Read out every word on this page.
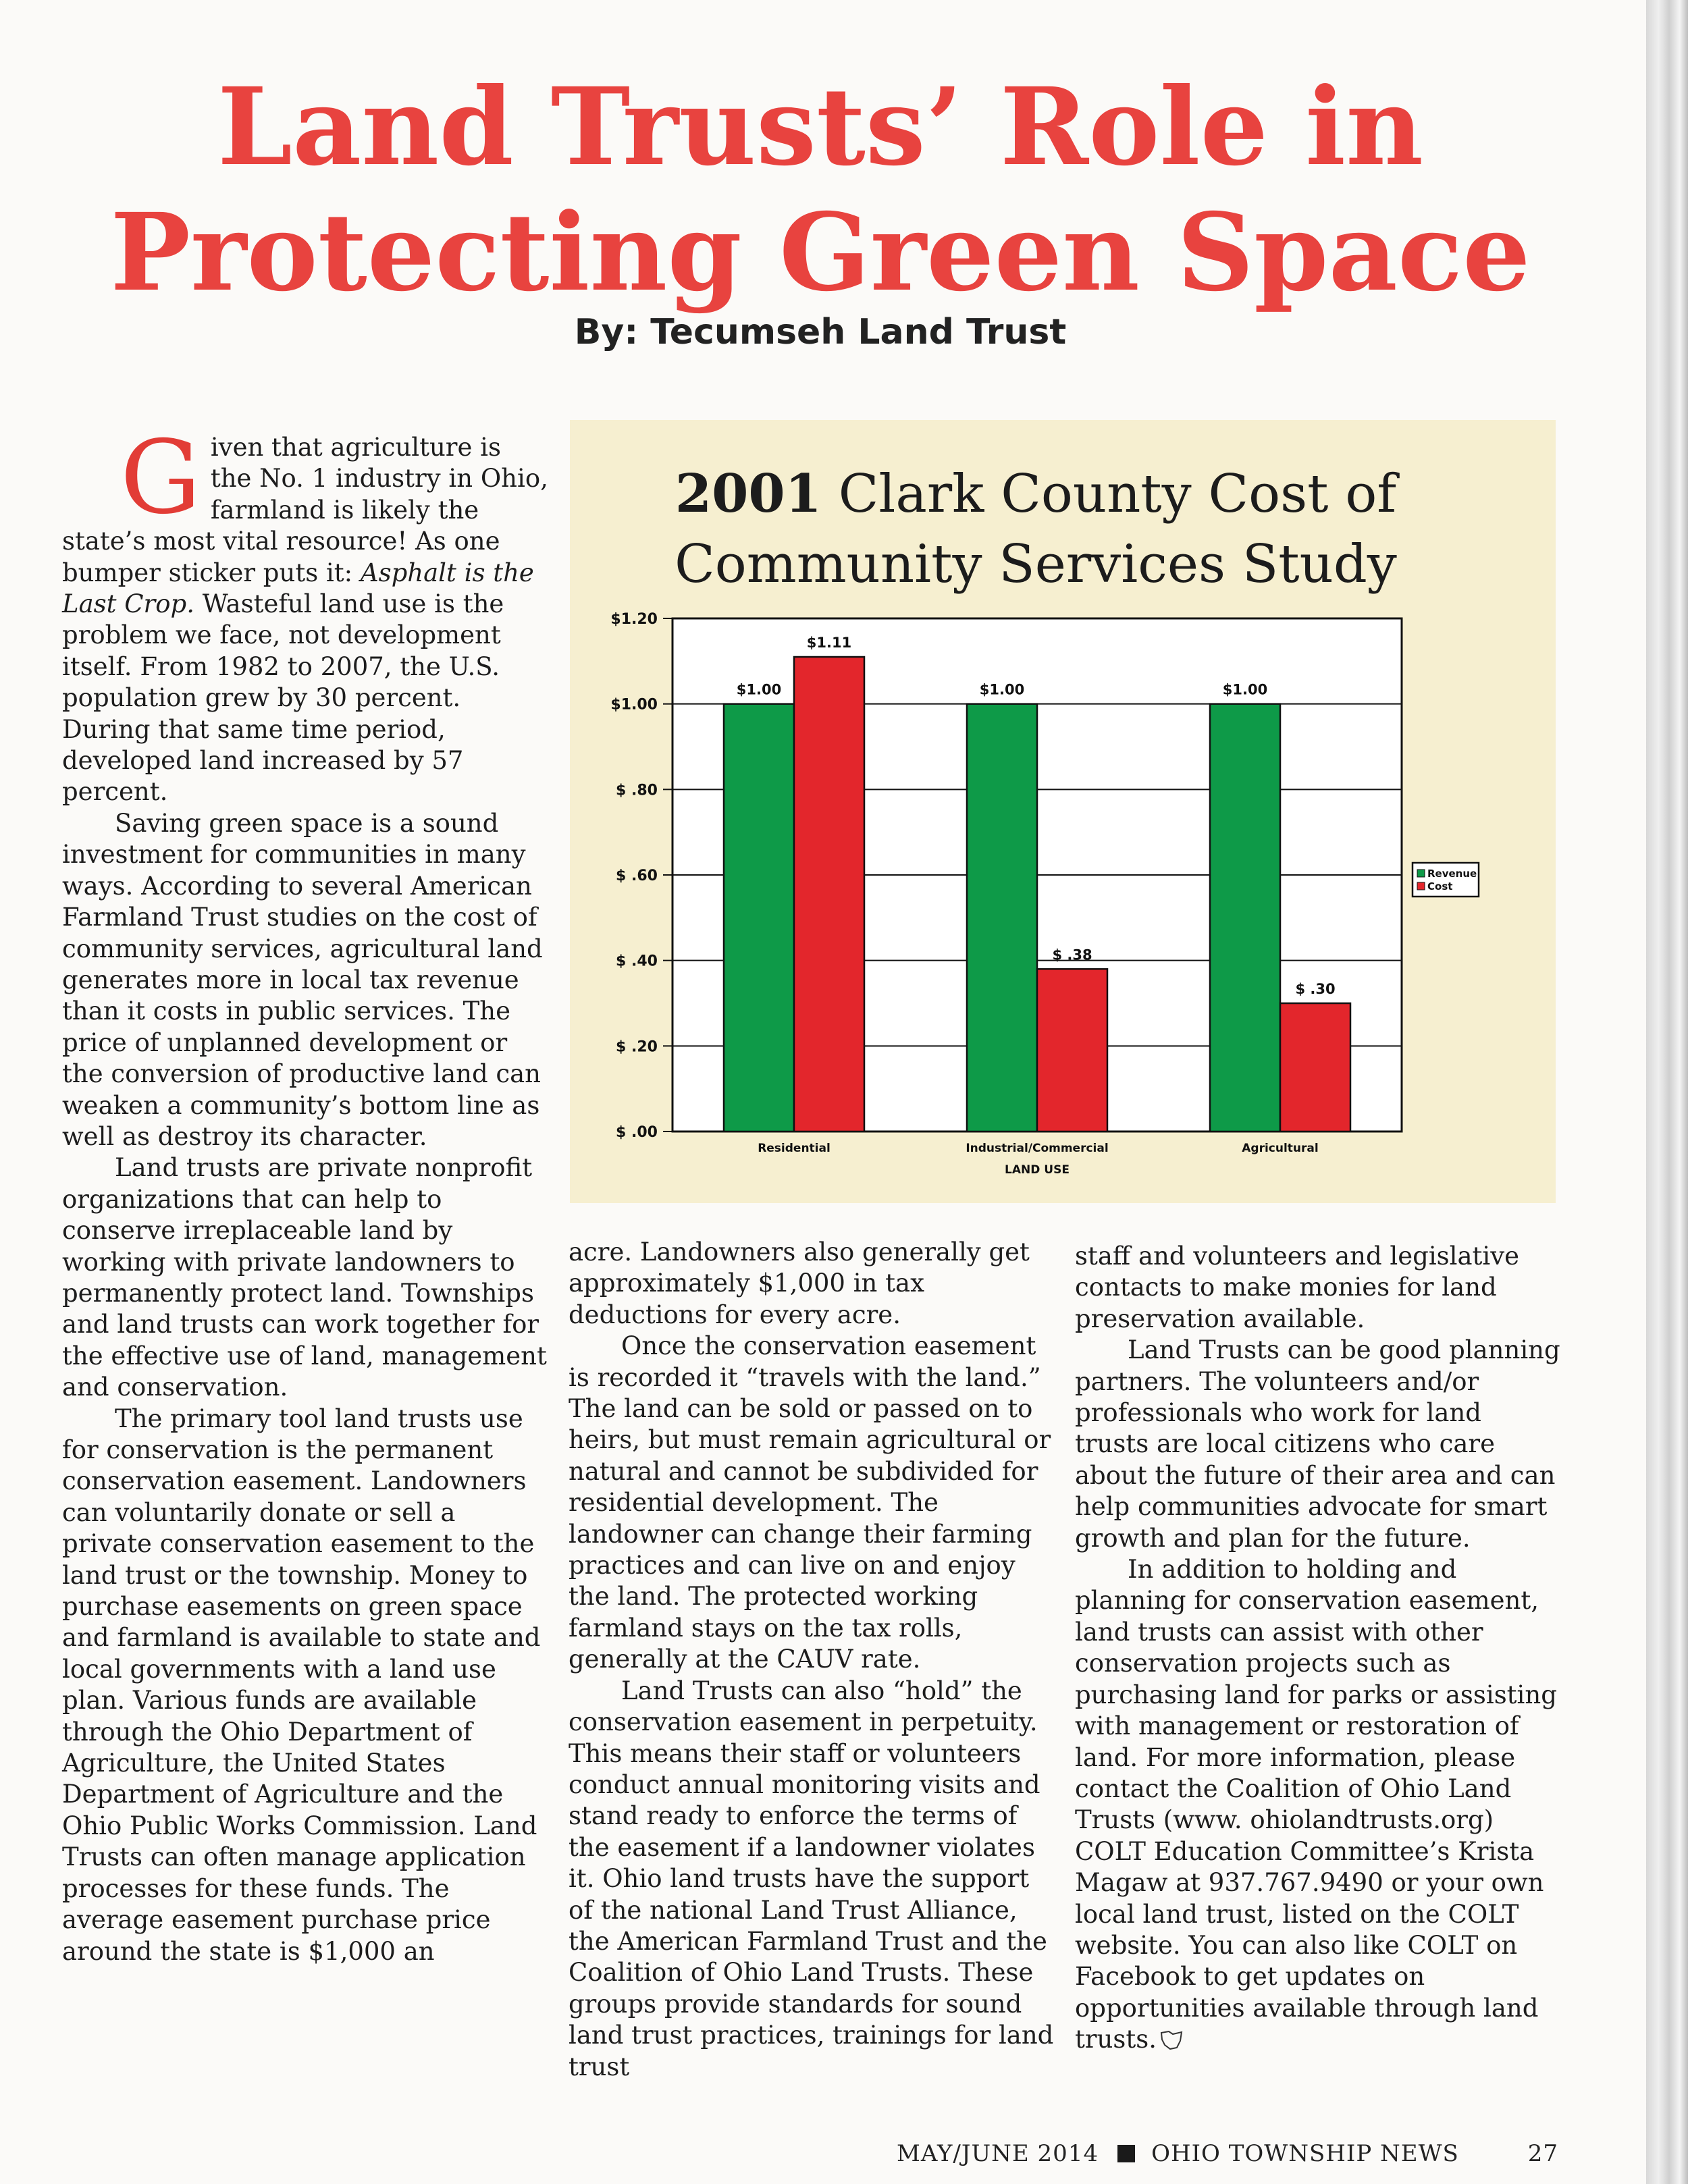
Land Trusts’ Role in
Protecting Green Space
By: Tecumseh Land Trust

Given that agriculture is the No. 1 industry in Ohio, farmland is likely the state’s most vital resource! As one bumper sticker puts it: Asphalt is the Last Crop. Wasteful land use is the problem we face, not development itself. From 1982 to 2007, the U.S. population grew by 30 percent. During that same time period, developed land increased by 57 percent.

Saving green space is a sound investment for communities in many ways. According to several American Farmland Trust studies on the cost of community services, agricultural land generates more in local tax revenue than it costs in public services. The price of unplanned development or the conversion of productive land can weaken a community’s bottom line as well as destroy its character.

Land trusts are private nonprofit organizations that can help to conserve irreplaceable land by working with private landowners to permanently protect land. Townships and land trusts can work together for the effective use of land, management and conservation.

The primary tool land trusts use for conservation is the permanent conservation easement. Landowners can voluntarily donate or sell a private conservation easement to the land trust or the township. Money to purchase easements on green space and farmland is available to state and local governments with a land use plan. Various funds are available through the Ohio Department of Agriculture, the United States Department of Agriculture and the Ohio Public Works Commission. Land Trusts can often manage application processes for these funds. The average easement purchase price around the state is $1,000 an

2001 Clark County Cost of
Community Services Study
$ .00
$ .20
$ .40
$ .60
$ .80
$1.00
$1.20
$1.00
$1.11
Residential
$1.00
$ .38
Industrial/Commercial
$1.00
$ .30
Agricultural
LAND USE
Revenue
Cost

acre. Landowners also generally get approximately $1,000 in tax deductions for every acre.

Once the conservation easement is recorded it “travels with the land.” The land can be sold or passed on to heirs, but must remain agricultural or natural and cannot be subdivided for residential development. The landowner can change their farming practices and can live on and enjoy the land. The protected working farmland stays on the tax rolls, generally at the CAUV rate.

Land Trusts can also “hold” the conservation easement in perpetuity. This means their staff or volunteers conduct annual monitoring visits and stand ready to enforce the terms of the easement if a landowner violates it. Ohio land trusts have the support of the national Land Trust Alliance, the American Farmland Trust and the Coalition of Ohio Land Trusts. These groups provide standards for sound land trust practices, trainings for land trust

staff and volunteers and legislative contacts to make monies for land preservation available.

Land Trusts can be good planning partners. The volunteers and/or professionals who work for land trusts are local citizens who care about the future of their area and can help communities advocate for smart growth and plan for the future.

In addition to holding and planning for conservation easement, land trusts can assist with other conservation projects such as purchasing land for parks or assisting with management or restoration of land. For more information, please contact the Coalition of Ohio Land Trusts (www. ohiolandtrusts.org) COLT Education Committee’s Krista Magaw at 937.767.9490 or your own local land trust, listed on the COLT website. You can also like COLT on Facebook to get updates on opportunities available through land trusts.

MAY/JUNE 2014 OHIO TOWNSHIP NEWS	27
